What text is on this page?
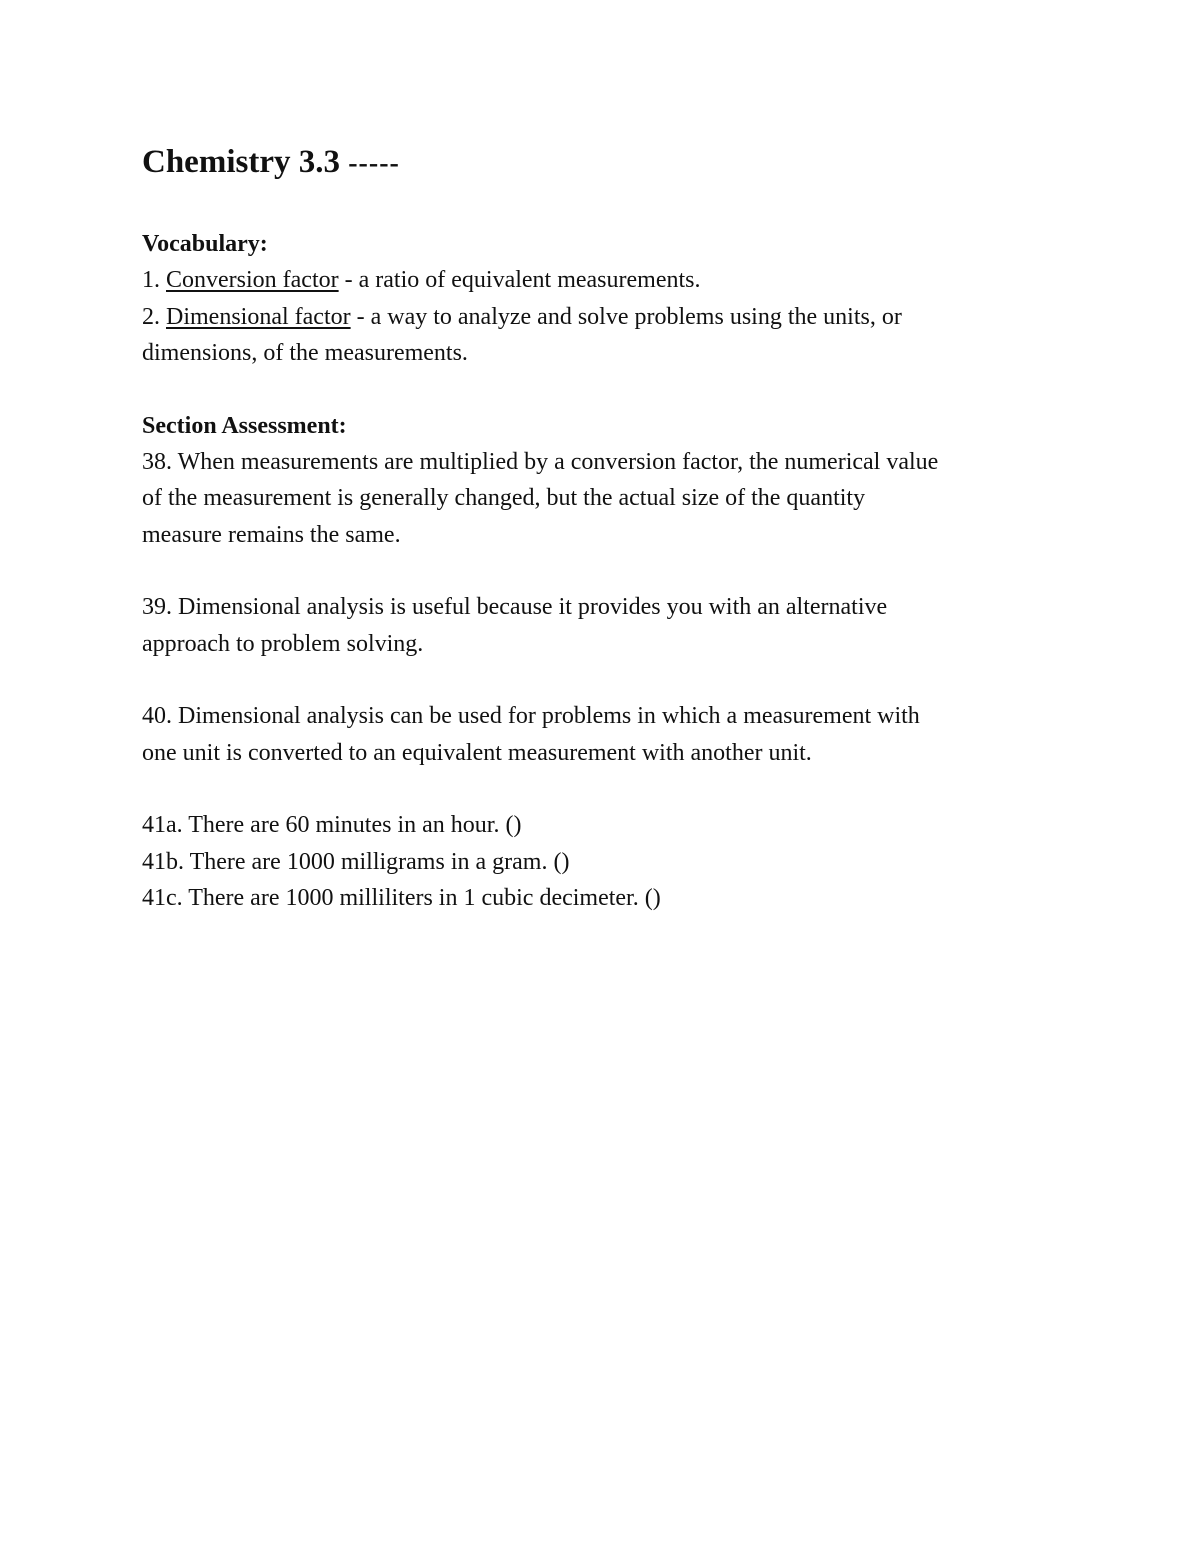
Chemistry 3.3 -----

Vocabulary:

1. Conversion factor - a ratio of equivalent measurements.

2. Dimensional factor - a way to analyze and solve problems using the units, or

dimensions, of the measurements.

Section Assessment:

38. When measurements are multiplied by a conversion factor, the numerical value

of the measurement is generally changed, but the actual size of the quantity

measure remains the same.

39. Dimensional analysis is useful because it provides you with an alternative

approach to problem solving.

40. Dimensional analysis can be used for problems in which a measurement with

one unit is converted to an equivalent measurement with another unit.

41a. There are 60 minutes in an hour. ()

41b. There are 1000 milligrams in a gram. ()

41c. There are 1000 milliliters in 1 cubic decimeter. ()
